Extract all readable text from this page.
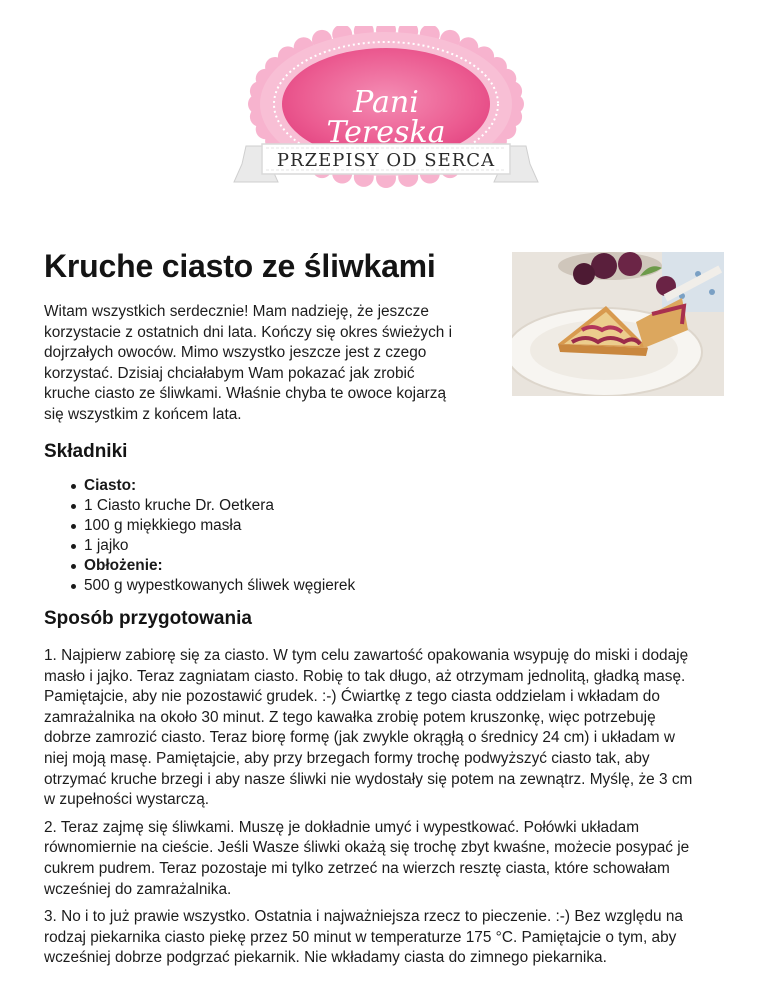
Pani
Tereska
PRZEPISY OD SERCA
Kruche ciasto ze śliwkami

Witam wszystkich serdecznie! Mam nadzieję, że jeszcze
korzystacie z ostatnich dni lata. Kończy się okres świeżych i
dojrzałych owoców. Mimo wszystko jeszcze jest z czego
korzystać. Dzisiaj chciałabym Wam pokazać jak zrobić
kruche ciasto ze śliwkami. Właśnie chyba te owoce kojarzą
się wszystkim z końcem lata.

Składniki
Ciasto:
1 Ciasto kruche Dr. Oetkera
100 g miękkiego masła
1 jajko
Obłożenie:
500 g wypestkowanych śliwek węgierek
Sposób przygotowania

1. Najpierw zabiorę się za ciasto. W tym celu zawartość opakowania wsypuję do miski i dodaję
masło i jajko. Teraz zagniatam ciasto. Robię to tak długo, aż otrzymam jednolitą, gładką masę.
Pamiętajcie, aby nie pozostawić grudek. :-) Ćwiartkę z tego ciasta oddzielam i wkładam do
zamrażalnika na około 30 minut. Z tego kawałka zrobię potem kruszonkę, więc potrzebuję
dobrze zamrozić ciasto. Teraz biorę formę (jak zwykle okrągłą o średnicy 24 cm) i układam w
niej moją masę. Pamiętajcie, aby przy brzegach formy trochę podwyższyć ciasto tak, aby
otrzymać kruche brzegi i aby nasze śliwki nie wydostały się potem na zewnątrz. Myślę, że 3 cm
w zupełności wystarczą.

2. Teraz zajmę się śliwkami. Muszę je dokładnie umyć i wypestkować. Połówki układam
równomiernie na cieście. Jeśli Wasze śliwki okażą się trochę zbyt kwaśne, możecie posypać je
cukrem pudrem. Teraz pozostaje mi tylko zetrzeć na wierzch resztę ciasta, które schowałam
wcześniej do zamrażalnika.

3. No i to już prawie wszystko. Ostatnia i najważniejsza rzecz to pieczenie. :-) Bez względu na
rodzaj piekarnika ciasto piekę przez 50 minut w temperaturze 175 °C. Pamiętajcie o tym, aby
wcześniej dobrze podgrzać piekarnik. Nie wkładamy ciasta do zimnego piekarnika.
